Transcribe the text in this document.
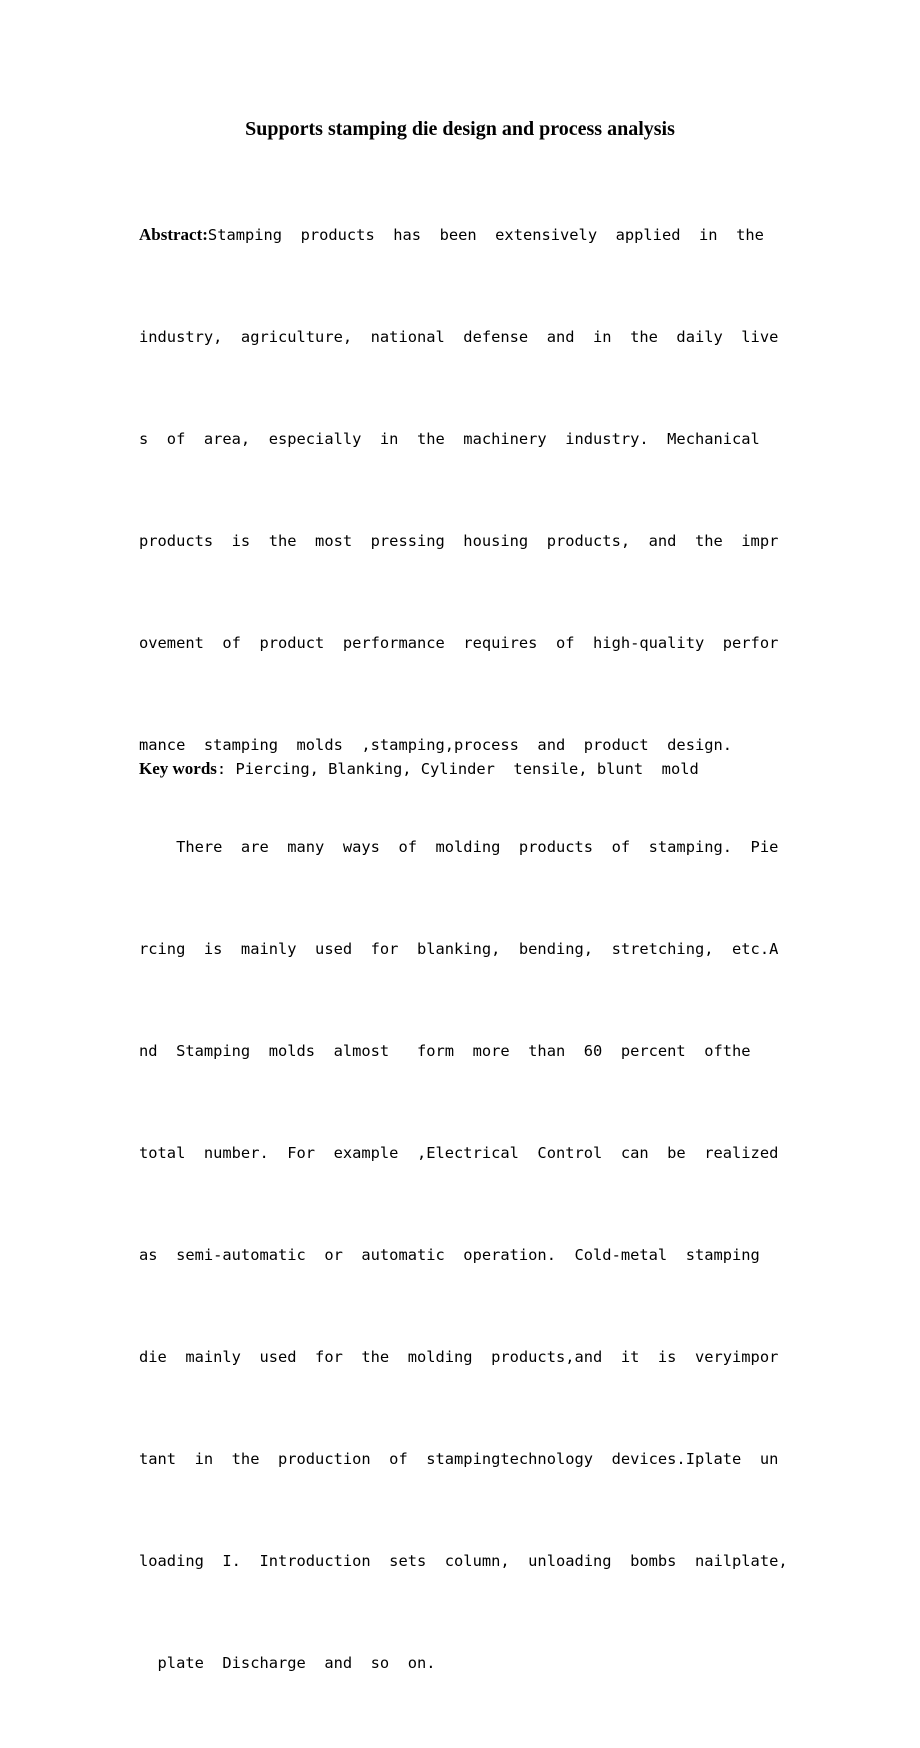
Supports stamping die design and process analysis

Abstract:Stamping  products  has  been  extensively  applied  in  the

industry,  agriculture,  national  defense  and  in  the  daily  live

s  of  area,  especially  in  the  machinery  industry.  Mechanical

products  is  the  most  pressing  housing  products,  and  the  impr

ovement  of  product  performance  requires  of  high-quality  perfor

mance  stamping  molds  ,stamping,process  and  product  design.

There  are  many  ways  of  molding  products  of  stamping.  Pie

rcing  is  mainly  used  for  blanking,  bending,  stretching,  etc.A

nd  Stamping  molds  almost   form  more  than  60  percent  ofthe

total  number.  For  example  ,Electrical  Control  can  be  realized

as  semi-automatic  or  automatic  operation.  Cold-metal  stamping

die  mainly  used  for  the  molding  products,and  it  is  veryimpor

tant  in  the  production  of  stampingtechnology  devices.Iplate  un

loading  I.  Introduction  sets  column,  unloading  bombs  nailplate,

plate  Discharge  and  so  on.

Key words: Piercing, Blanking, Cylinder  tensile, blunt  mold
